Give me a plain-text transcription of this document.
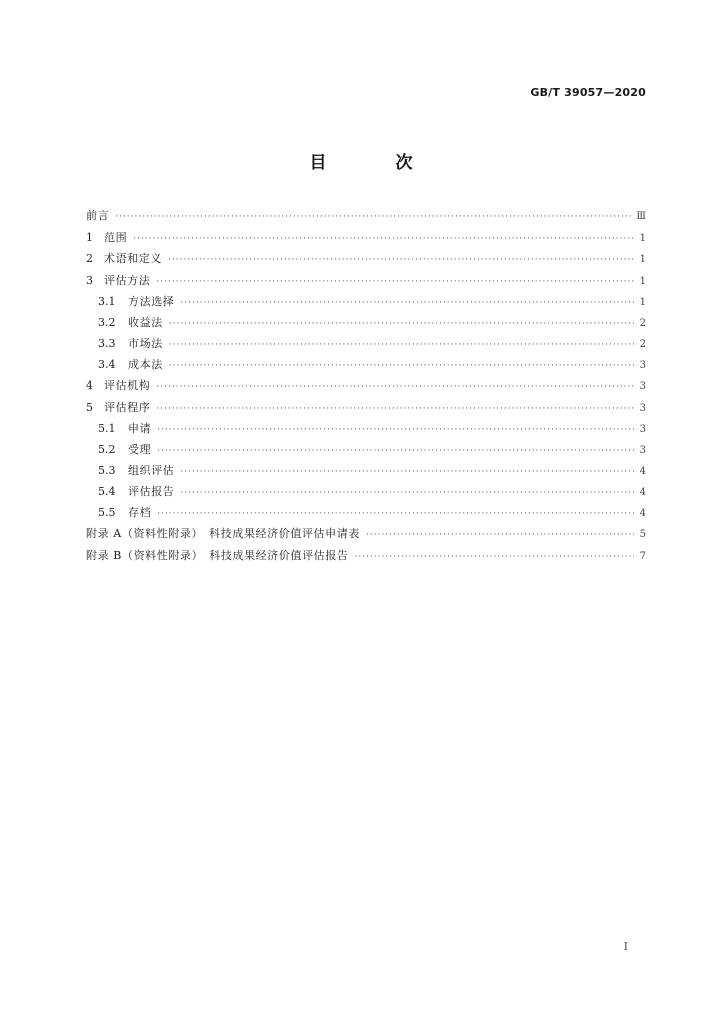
GB/T 39057—2020
目　次
前言 ·····	Ⅲ
1	范围 ·····	1
2	术语和定义 ·····	1
3	评估方法 ·····	1
3.1	方法选择 ·····	1
3.2	收益法 ·····	2
3.3	市场法 ·····	2
3.4	成本法 ·····	3
4	评估机构 ·····	3
5	评估程序 ·····	3
5.1	申请 ·····	3
5.2	受理 ·····	3
5.3	组织评估 ·····	4
5.4	评估报告 ·····	4
5.5	存档 ·····	4
附录 A（资料性附录）　科技成果经济价值评估申请表 ·····	5
附录 B（资料性附录）　科技成果经济价值评估报告 ·····	7
I
